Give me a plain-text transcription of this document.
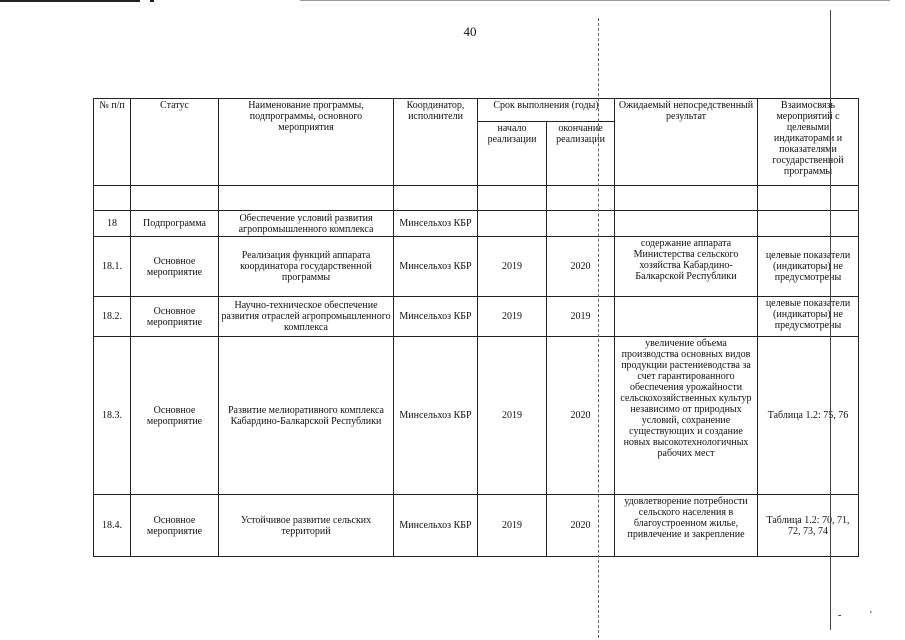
40
№ п/п	Статус	Наименование программы, подпрограммы, основного мероприятия	Координатор, исполнители	Срок выполнения (годы)		Ожидаемый непосредственный результат	Взаимосвязь мероприятий с целевыми индикаторами и показателями государственной программы
				начало реализации	окончание реализации		

18	Подпрограмма	Обеспечение условий развития агропромышленного комплекса	Минсельхоз КБР				
18.1.	Основное мероприятие	Реализация функций аппарата координатора государственной программы	Минсельхоз КБР	2019	2020	содержание аппарата Министерства сельского хозяйства Кабардино-Балкарской Республики	целевые показатели (индикаторы) не предусмотрены
18.2.	Основное мероприятие	Научно-техническое обеспечение развития отраслей агропромышленного комплекса	Минсельхоз КБР	2019	2019		целевые показатели (индикаторы) не предусмотрены
18.3.	Основное мероприятие	Развитие мелиоративного комплекса Кабардино-Балкарской Республики	Минсельхоз КБР	2019	2020	увеличение объема производства основных видов продукции растениеводства за счет гарантированного обеспечения урожайности сельскохозяйственных культур независимо от природных условий, сохранение существующих и создание новых высокотехнологичных рабочих мест	Таблица 1.2: 75, 76
18.4.	Основное мероприятие	Устойчивое развитие сельских территорий	Минсельхоз КБР	2019	2020	удовлетворение потребности сельского населения в благоустроенном жилье, привлечение и закрепление	Таблица 1.2: 70, 71, 72, 73, 74
-	'
